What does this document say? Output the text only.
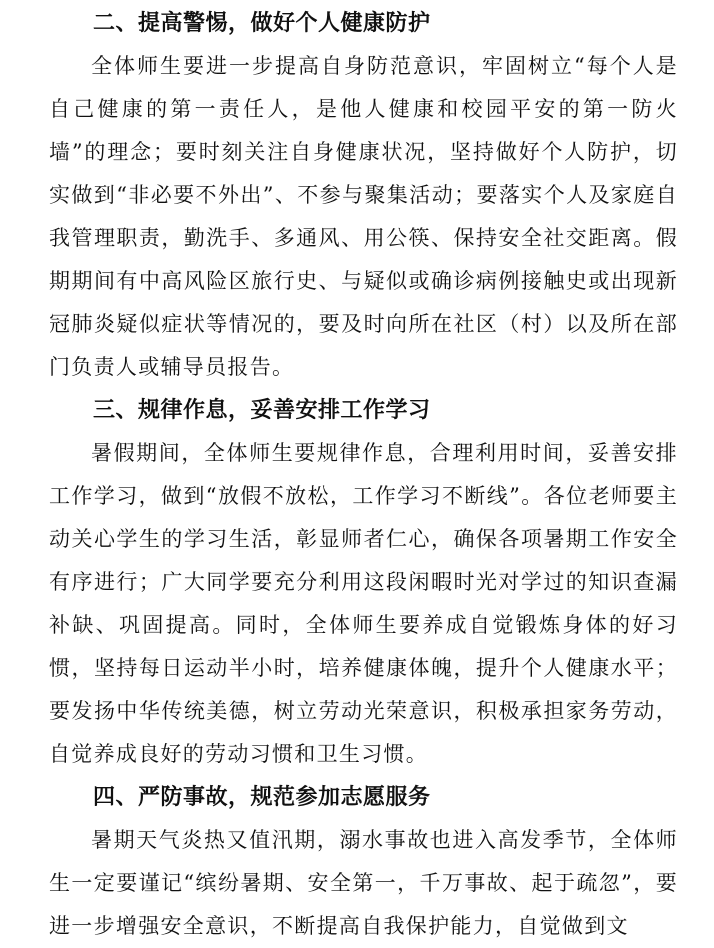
二、提高警惕，做好个人健康防护

全体师生要进一步提高自身防范意识，牢固树立“每个人是自己健康的第一责任人，是他人健康和校园平安的第一防火墙”的理念；要时刻关注自身健康状况，坚持做好个人防护，切实做到“非必要不外出”、不参与聚集活动；要落实个人及家庭自我管理职责，勤洗手、多通风、用公筷、保持安全社交距离。假期期间有中高风险区旅行史、与疑似或确诊病例接触史或出现新冠肺炎疑似症状等情况的，要及时向所在社区（村）以及所在部门负责人或辅导员报告。

三、规律作息，妥善安排工作学习

暑假期间，全体师生要规律作息，合理利用时间，妥善安排工作学习，做到“放假不放松，工作学习不断线”。各位老师要主动关心学生的学习生活，彰显师者仁心，确保各项暑期工作安全有序进行；广大同学要充分利用这段闲暇时光对学过的知识查漏补缺、巩固提高。同时，全体师生要养成自觉锻炼身体的好习惯，坚持每日运动半小时，培养健康体魄，提升个人健康水平；要发扬中华传统美德，树立劳动光荣意识，积极承担家务劳动，自觉养成良好的劳动习惯和卫生习惯。

四、严防事故，规范参加志愿服务

暑期天气炎热又值汛期，溺水事故也进入高发季节，全体师生一定要谨记“缤纷暑期、安全第一，千万事故、起于疏忽”，要进一步增强安全意识，不断提高自我保护能力，自觉做到文
